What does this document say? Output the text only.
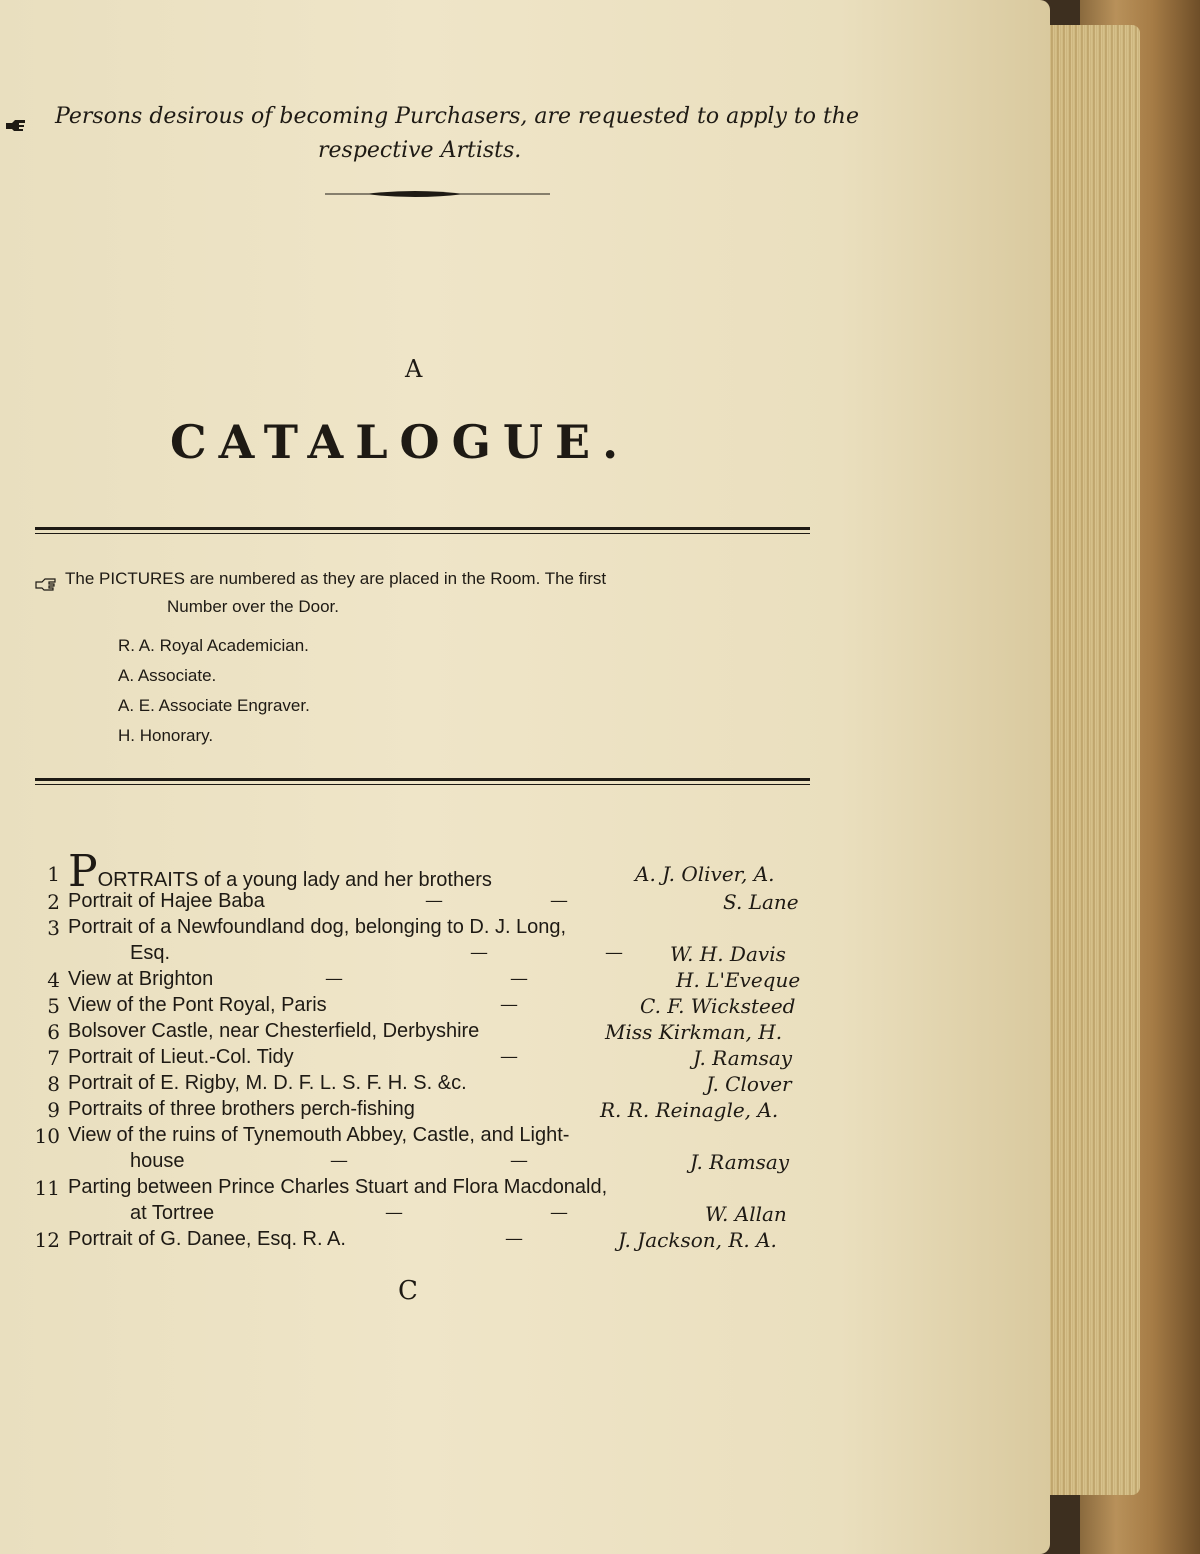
Persons desirous of becoming Purchasers, are requested to apply to the
respective Artists.
A
CATALOGUE.
The PICTURES are numbered as they are placed in the Room. The first
Number over the Door.
R. A. Royal Academician.
A. Associate.
A. E. Associate Engraver.
H. Honorary.
1 PORTRAITS of a young lady and her brothers	A. J. Oliver, A.
2 Portrait of Hajee Baba	—	—	S. Lane
3 Portrait of a Newfoundland dog, belonging to D. J. Long,
Esq.	—	— W. H. Davis
4 View at Brighton	—	—	H. L'Eveque
5 View of the Pont Royal, Paris	—	C. F. Wicksteed
6 Bolsover Castle, near Chesterfield, Derbyshire	Miss Kirkman, H.
7 Portrait of Lieut.-Col. Tidy	—	J. Ramsay
8 Portrait of E. Rigby, M. D. F. L. S. F. H. S. &c.	J. Clover
9 Portraits of three brothers perch-fishing	R. R. Reinagle, A.
10 View of the ruins of Tynemouth Abbey, Castle, and Light-
house	—	—	J. Ramsay
11 Parting between Prince Charles Stuart and Flora Macdonald,
at Tortree	—	—	W. Allan
12 Portrait of G. Danee, Esq. R. A.	—	J. Jackson, R. A.
C
